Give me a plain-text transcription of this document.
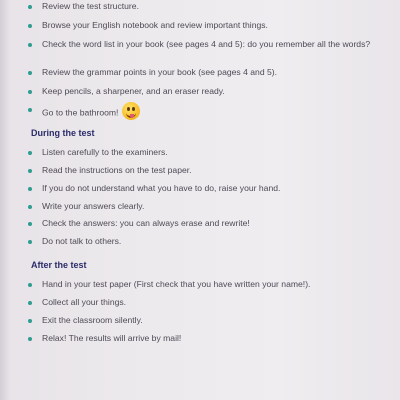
Review the test structure.
Browse your English notebook and review important things.
Check the word list in your book (see pages 4 and 5): do you remember all the words?
Review the grammar points in your book (see pages 4 and 5).
Keep pencils, a sharpener, and an eraser ready.
Go to the bathroom!
During the test
Listen carefully to the examiners.
Read the instructions on the test paper.
If you do not understand what you have to do, raise your hand.
Write your answers clearly.
Check the answers: you can always erase and rewrite!
Do not talk to others.
After the test
Hand in your test paper (First check that you have written your name!).
Collect all your things.
Exit the classroom silently.
Relax! The results will arrive by mail!
